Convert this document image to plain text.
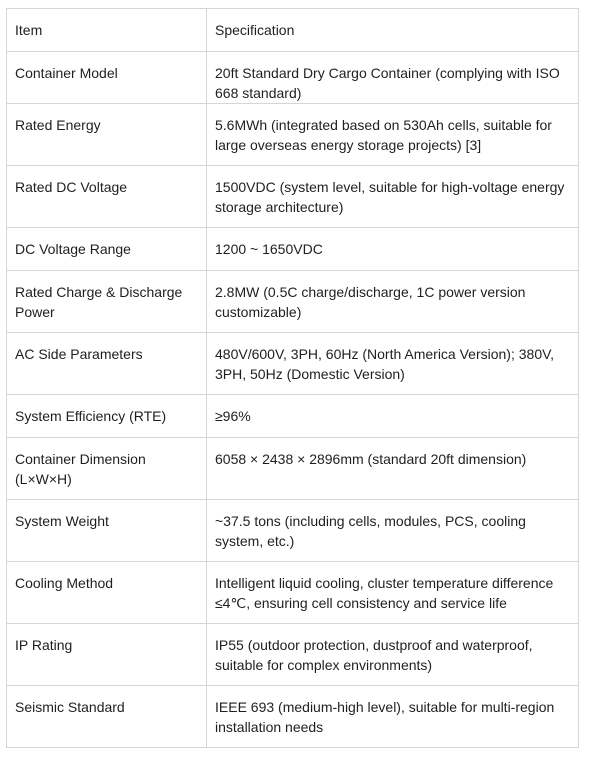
Item	Specification
Container Model	20ft Standard Dry Cargo Container (complying with ISO 668 standard)
Rated Energy	5.6MWh (integrated based on 530Ah cells, suitable for large overseas energy storage projects) [3]
Rated DC Voltage	1500VDC (system level, suitable for high-voltage energy storage architecture)
DC Voltage Range	1200 ~ 1650VDC
Rated Charge & Discharge Power	2.8MW (0.5C charge/discharge, 1C power version customizable)
AC Side Parameters	480V/600V, 3PH, 60Hz (North America Version); 380V, 3PH, 50Hz (Domestic Version)
System Efficiency (RTE)	≥96%
Container Dimension (L×W×H)	6058 × 2438 × 2896mm (standard 20ft dimension)
System Weight	~37.5 tons (including cells, modules, PCS, cooling system, etc.)
Cooling Method	Intelligent liquid cooling, cluster temperature difference ≤4℃, ensuring cell consistency and service life
IP Rating	IP55 (outdoor protection, dustproof and waterproof, suitable for complex environments)
Seismic Standard	IEEE 693 (medium-high level), suitable for multi-region installation needs
